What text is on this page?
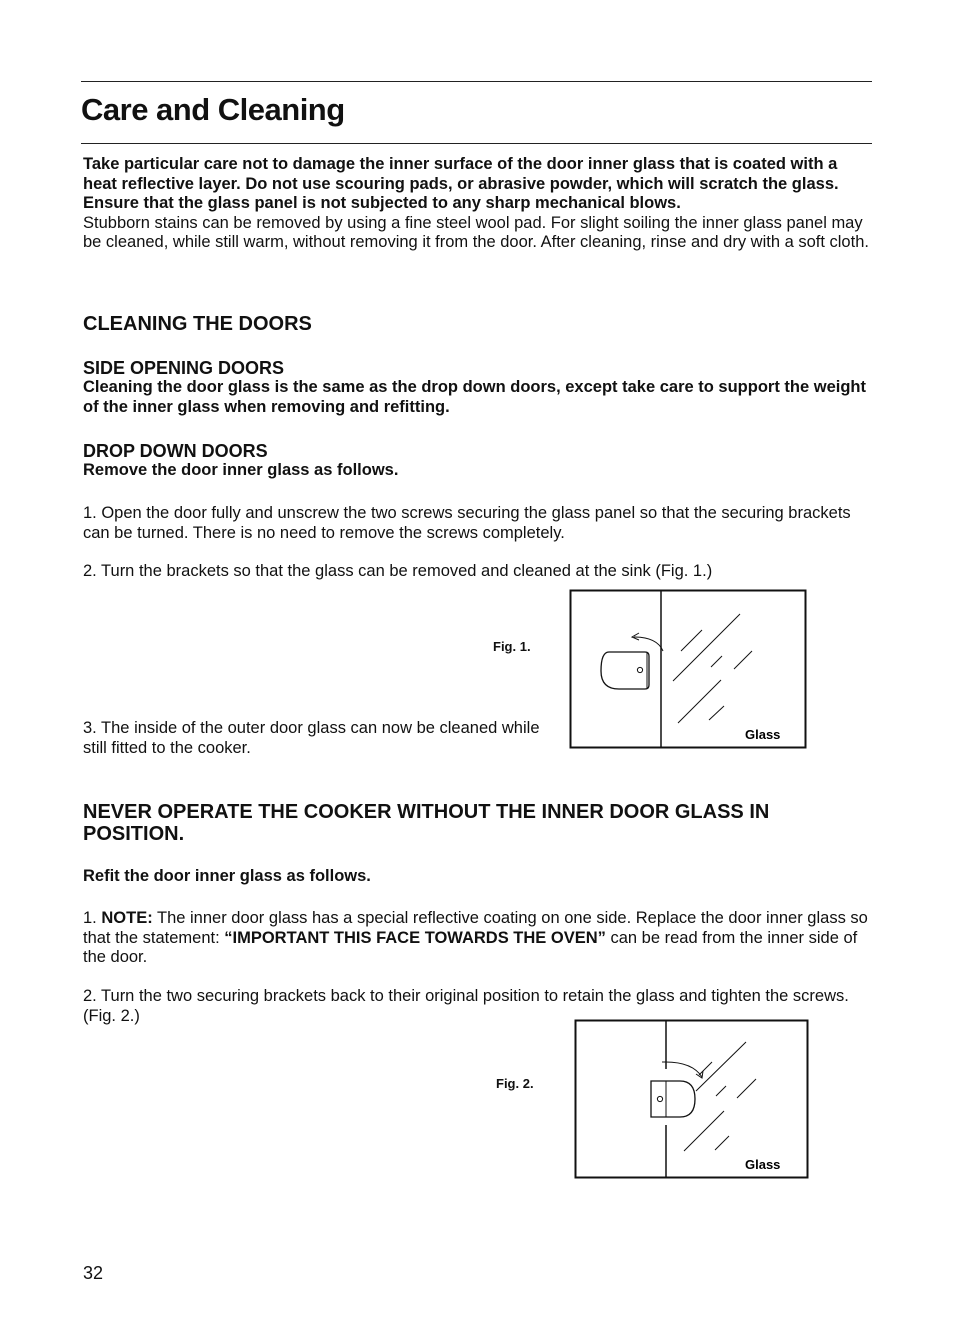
Care and Cleaning

Take particular care not to damage the inner surface of the door inner glass that is coated with a heat reflective layer. Do not use scouring pads, or abrasive powder, which will scratch the glass. Ensure that the glass panel is not subjected to any sharp mechanical blows.

Stubborn stains can be removed by using a fine steel wool pad. For slight soiling the inner glass panel may be cleaned, while still warm, without removing it from the door. After cleaning, rinse and dry with a soft cloth.

CLEANING THE DOORS

SIDE OPENING DOORS

Cleaning the door glass is the same as the drop down doors, except take care to support the weight of the inner glass when removing and refitting.

DROP DOWN DOORS

Remove the door inner glass as follows.

1. Open the door fully and unscrew the two screws securing the glass panel so that the securing brackets can be turned. There is no need to remove the screws completely.
2. Turn the brackets so that the glass can be removed and cleaned at the sink (Fig. 1.)
Fig. 1.
Glass
3. The inside of the outer door glass can now be cleaned while still fitted to the cooker.
NEVER OPERATE THE COOKER WITHOUT THE INNER DOOR GLASS IN POSITION.
Refit the door inner glass as follows.
1. NOTE: The inner door glass has a special reflective coating on one side. Replace the door inner glass so that the statement: “IMPORTANT THIS FACE TOWARDS THE OVEN” can be read from the inner side of the door.
2. Turn the two securing brackets back to their original position to retain the glass and tighten the screws. (Fig. 2.)
Fig. 2.
Glass
32
